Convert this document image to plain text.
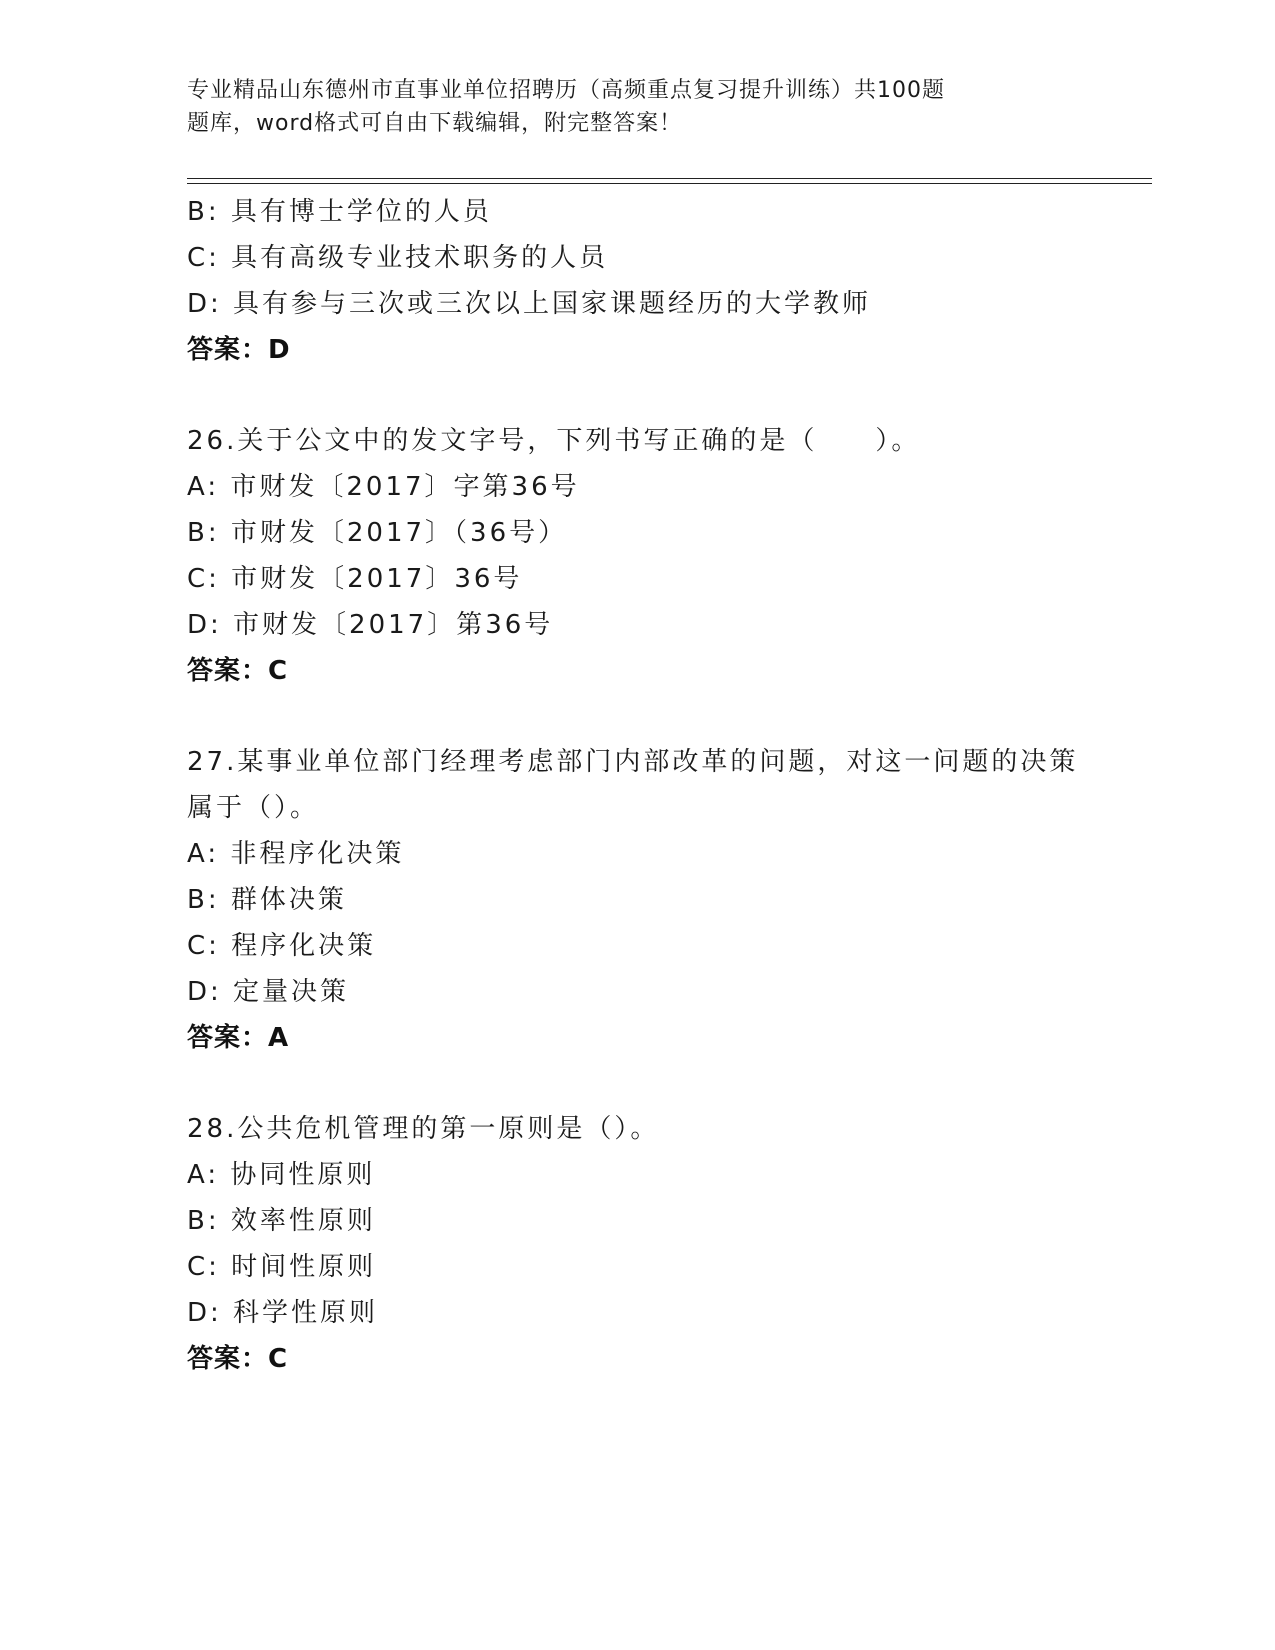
专业精品山东德州市直事业单位招聘历（高频重点复习提升训练）共100题
题库，word格式可自由下载编辑，附完整答案！
B: 具有博士学位的人员
C: 具有高级专业技术职务的人员
D: 具有参与三次或三次以上国家课题经历的大学教师
答案：D
26.关于公文中的发文字号，下列书写正确的是（　　）。
A: 市财发〔2017〕字第36号
B: 市财发〔2017〕（36号）
C: 市财发〔2017〕36号
D: 市财发〔2017〕第36号
答案：C
27.某事业单位部门经理考虑部门内部改革的问题，对这一问题的决策
属于（）。
A: 非程序化决策
B: 群体决策
C: 程序化决策
D: 定量决策
答案：A
28.公共危机管理的第一原则是（）。
A: 协同性原则
B: 效率性原则
C: 时间性原则
D: 科学性原则
答案：C
